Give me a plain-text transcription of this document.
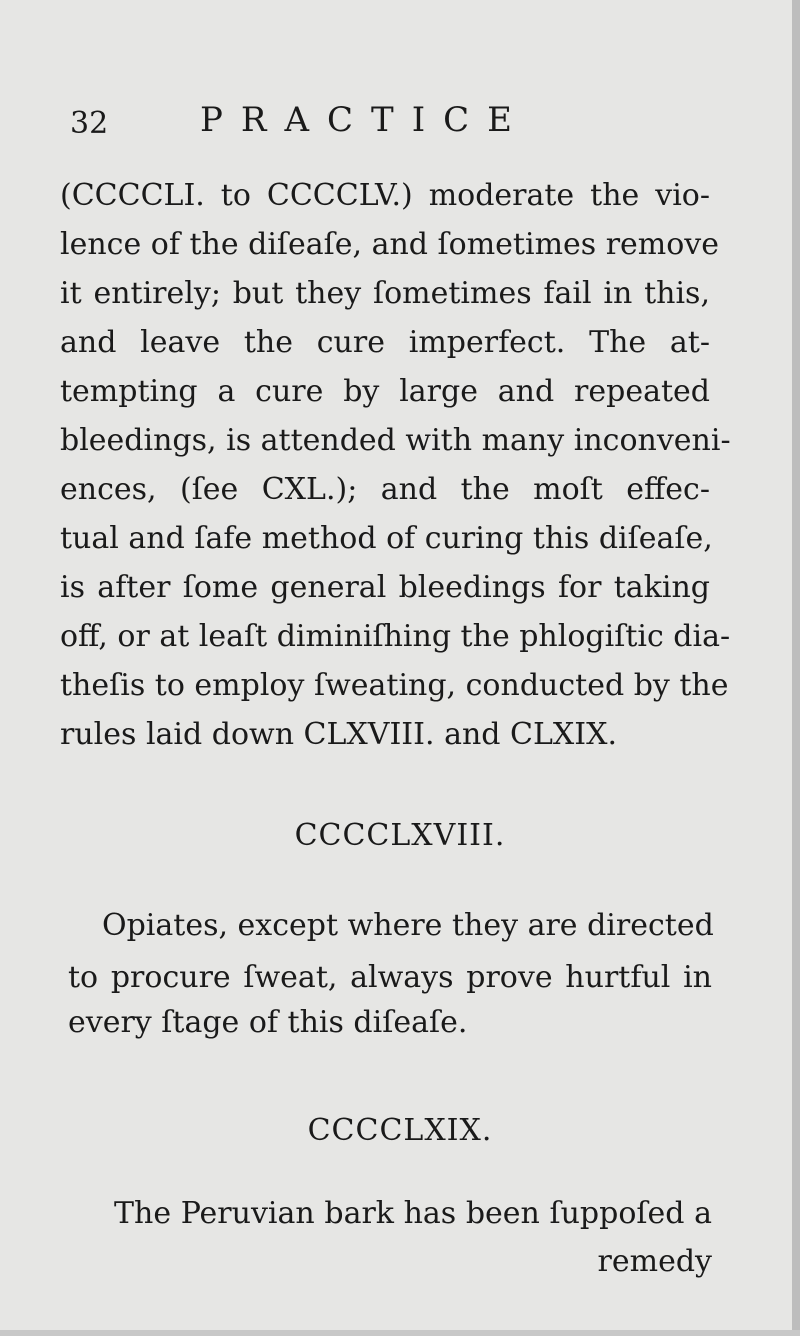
32	PRACTICE
(CCCCLI. to CCCCLV.) moderate the vio-
lence of the diſeaſe, and ſometimes remove
it entirely; but they ſometimes fail in this,
and leave the cure imperfect. The at-
tempting a cure by large and repeated
bleedings, is attended with many inconveni-
ences, (ſee CXL.); and the moſt effec-
tual and ſafe method of curing this diſeaſe,
is after ſome general bleedings for taking
off, or at leaſt diminiſhing the phlogiſtic dia-
theſis to employ ſweating, conducted by the
rules laid down CLXVIII. and CLXIX.
CCCCLXVIII.
Opiates, except where they are directed
to procure ſweat, always prove hurtful in
every ſtage of this diſeaſe.
CCCCLXIX.
The Peruvian bark has been ſuppoſed a
remedy
